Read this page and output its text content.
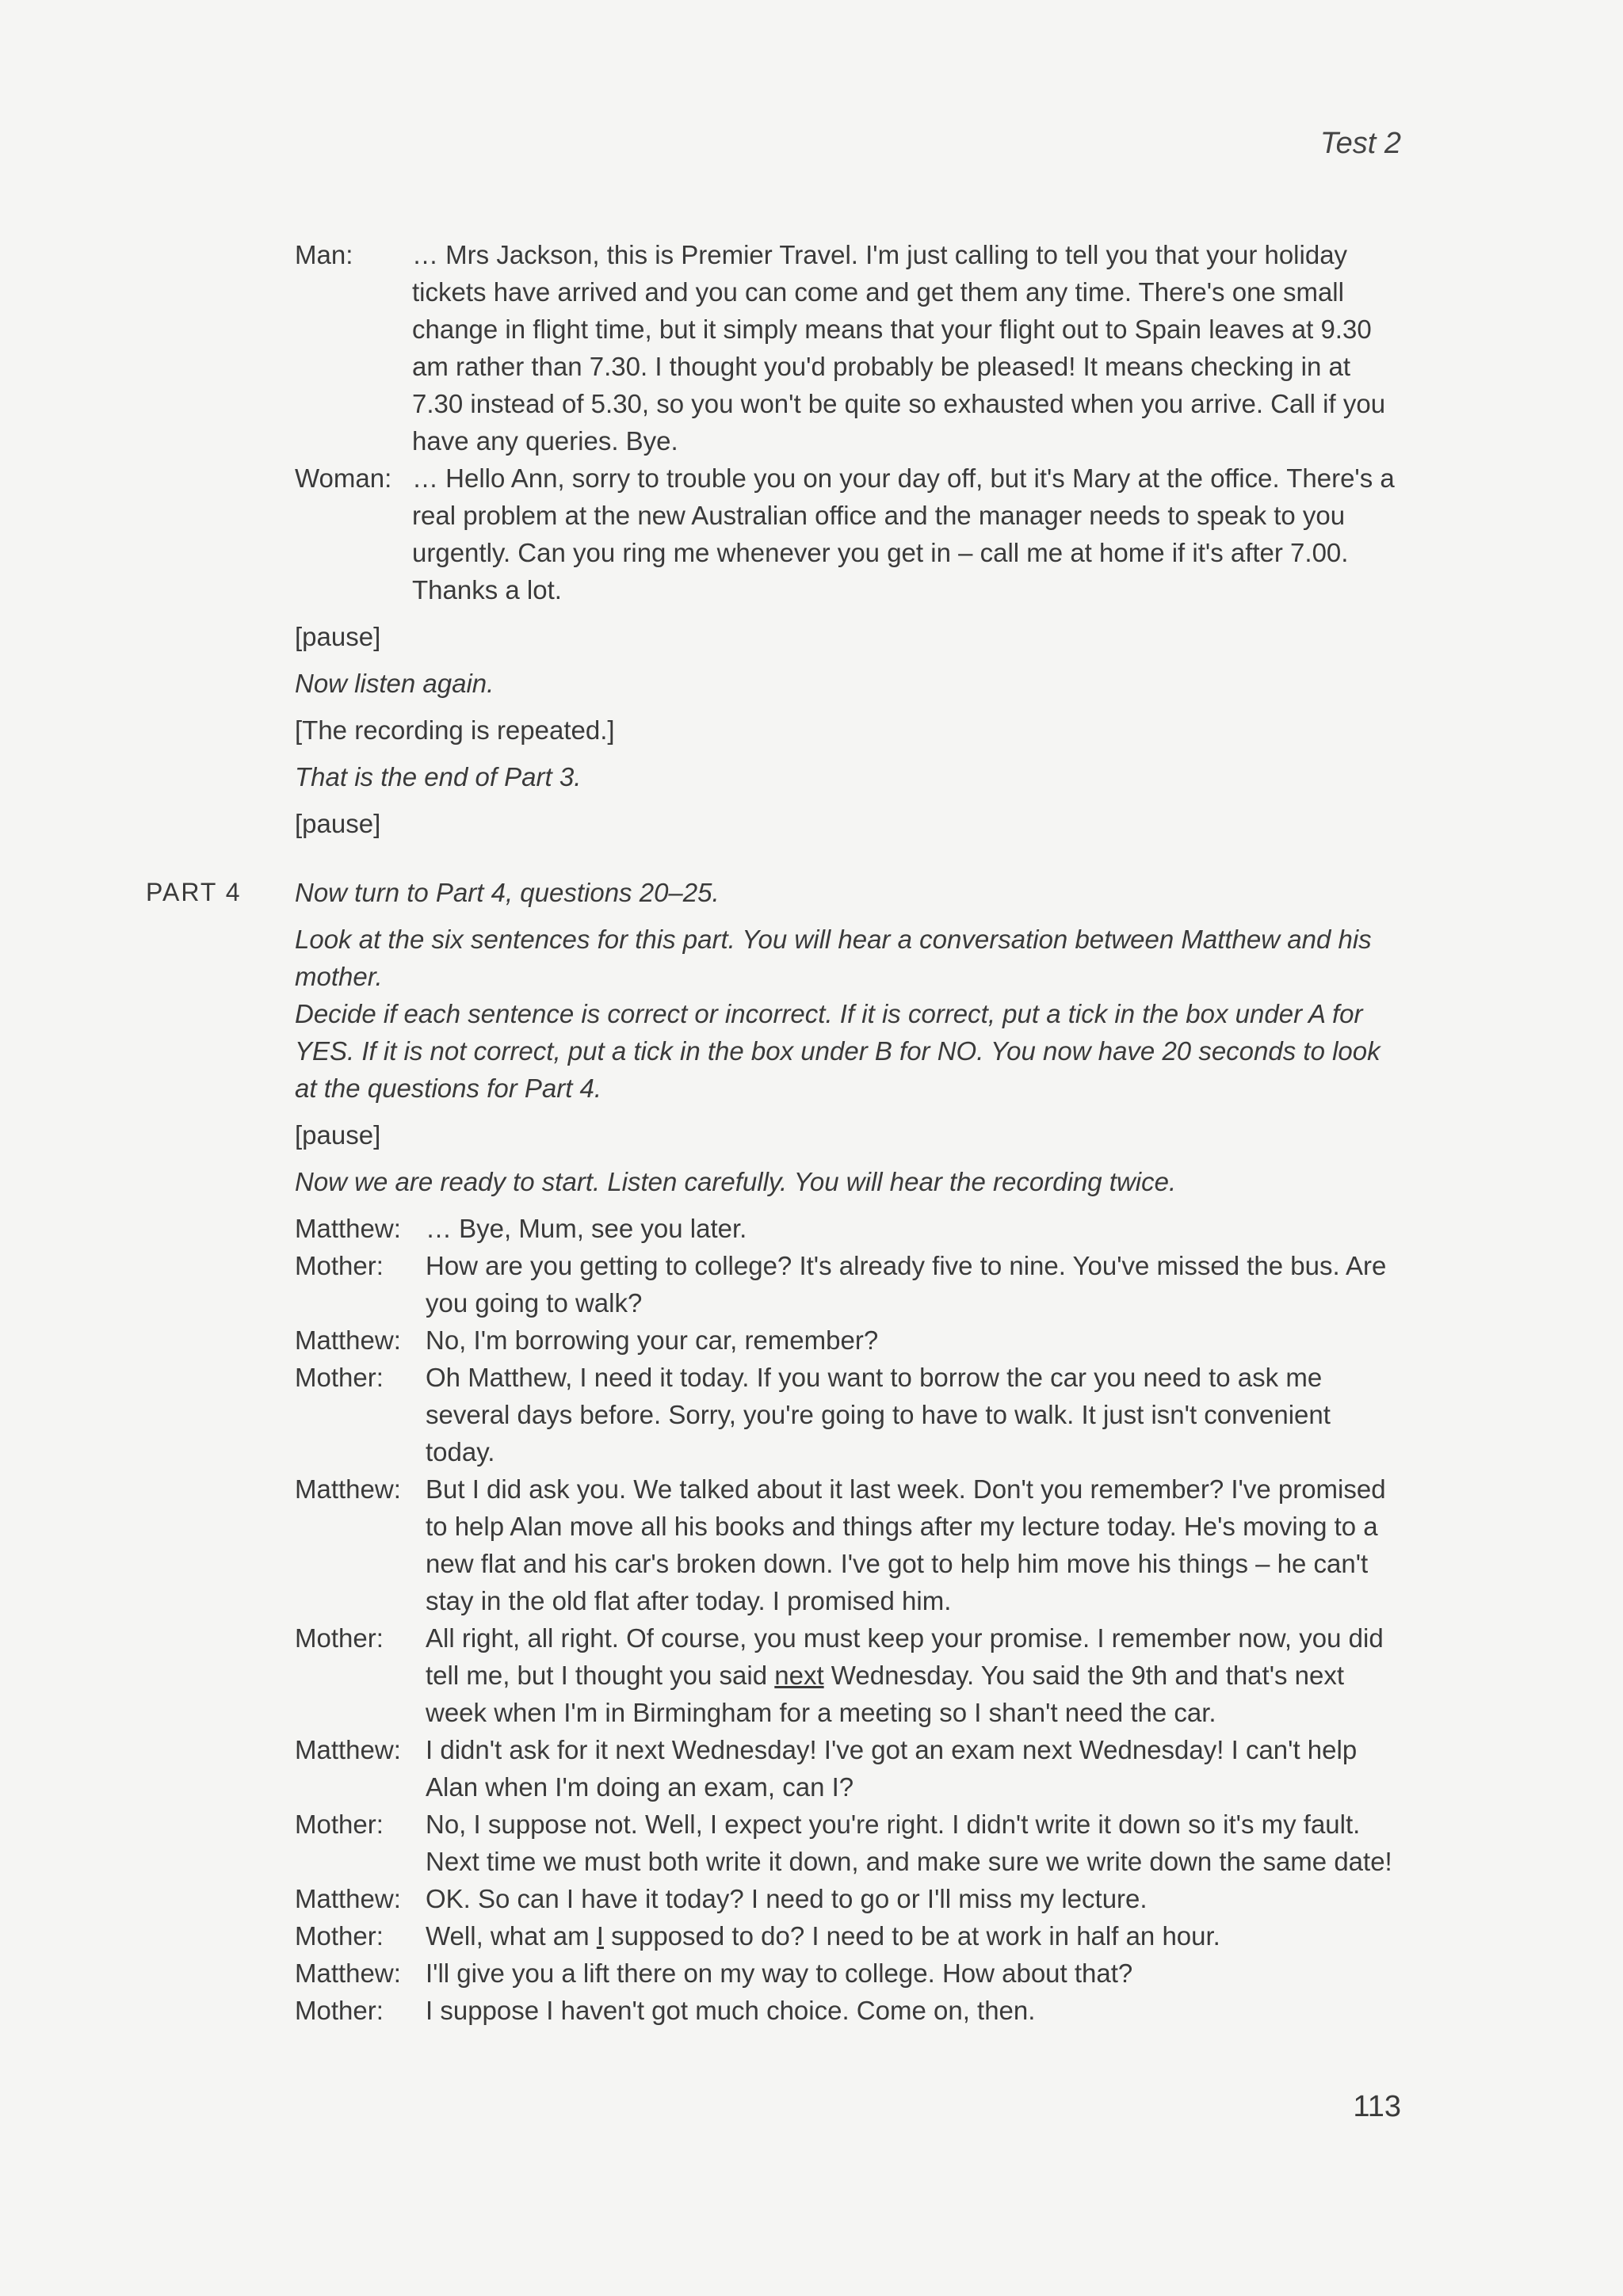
Test 2
Man:	… Mrs Jackson, this is Premier Travel. I'm just calling to tell you that your holiday tickets have arrived and you can come and get them any time. There's one small change in flight time, but it simply means that your flight out to Spain leaves at 9.30 am rather than 7.30. I thought you'd probably be pleased! It means checking in at 7.30 instead of 5.30, so you won't be quite so exhausted when you arrive. Call if you have any queries. Bye.
Woman: … Hello Ann, sorry to trouble you on your day off, but it's Mary at the office. There's a real problem at the new Australian office and the manager needs to speak to you urgently. Can you ring me whenever you get in – call me at home if it's after 7.00. Thanks a lot.
[pause]
Now listen again.
[The recording is repeated.]
That is the end of Part 3.
[pause]
PART 4 Now turn to Part 4, questions 20–25.
Look at the six sentences for this part. You will hear a conversation between Matthew and his mother.
Decide if each sentence is correct or incorrect. If it is correct, put a tick in the box under A for YES. If it is not correct, put a tick in the box under B for NO. You now have 20 seconds to look at the questions for Part 4.
[pause]
Now we are ready to start. Listen carefully. You will hear the recording twice.
Matthew: … Bye, Mum, see you later.
Mother:	How are you getting to college? It's already five to nine. You've missed the bus. Are you going to walk?
Matthew: No, I'm borrowing your car, remember?
Mother:	Oh Matthew, I need it today. If you want to borrow the car you need to ask me several days before. Sorry, you're going to have to walk. It just isn't convenient today.
Matthew: But I did ask you. We talked about it last week. Don't you remember? I've promised to help Alan move all his books and things after my lecture today. He's moving to a new flat and his car's broken down. I've got to help him move his things – he can't stay in the old flat after today. I promised him.
Mother:	All right, all right. Of course, you must keep your promise. I remember now, you did tell me, but I thought you said next Wednesday. You said the 9th and that's next week when I'm in Birmingham for a meeting so I shan't need the car.
Matthew: I didn't ask for it next Wednesday! I've got an exam next Wednesday! I can't help Alan when I'm doing an exam, can I?
Mother:	No, I suppose not. Well, I expect you're right. I didn't write it down so it's my fault. Next time we must both write it down, and make sure we write down the same date!
Matthew: OK. So can I have it today? I need to go or I'll miss my lecture.
Mother:	Well, what am I supposed to do? I need to be at work in half an hour.
Matthew: I'll give you a lift there on my way to college. How about that?
Mother:	I suppose I haven't got much choice. Come on, then.
113
